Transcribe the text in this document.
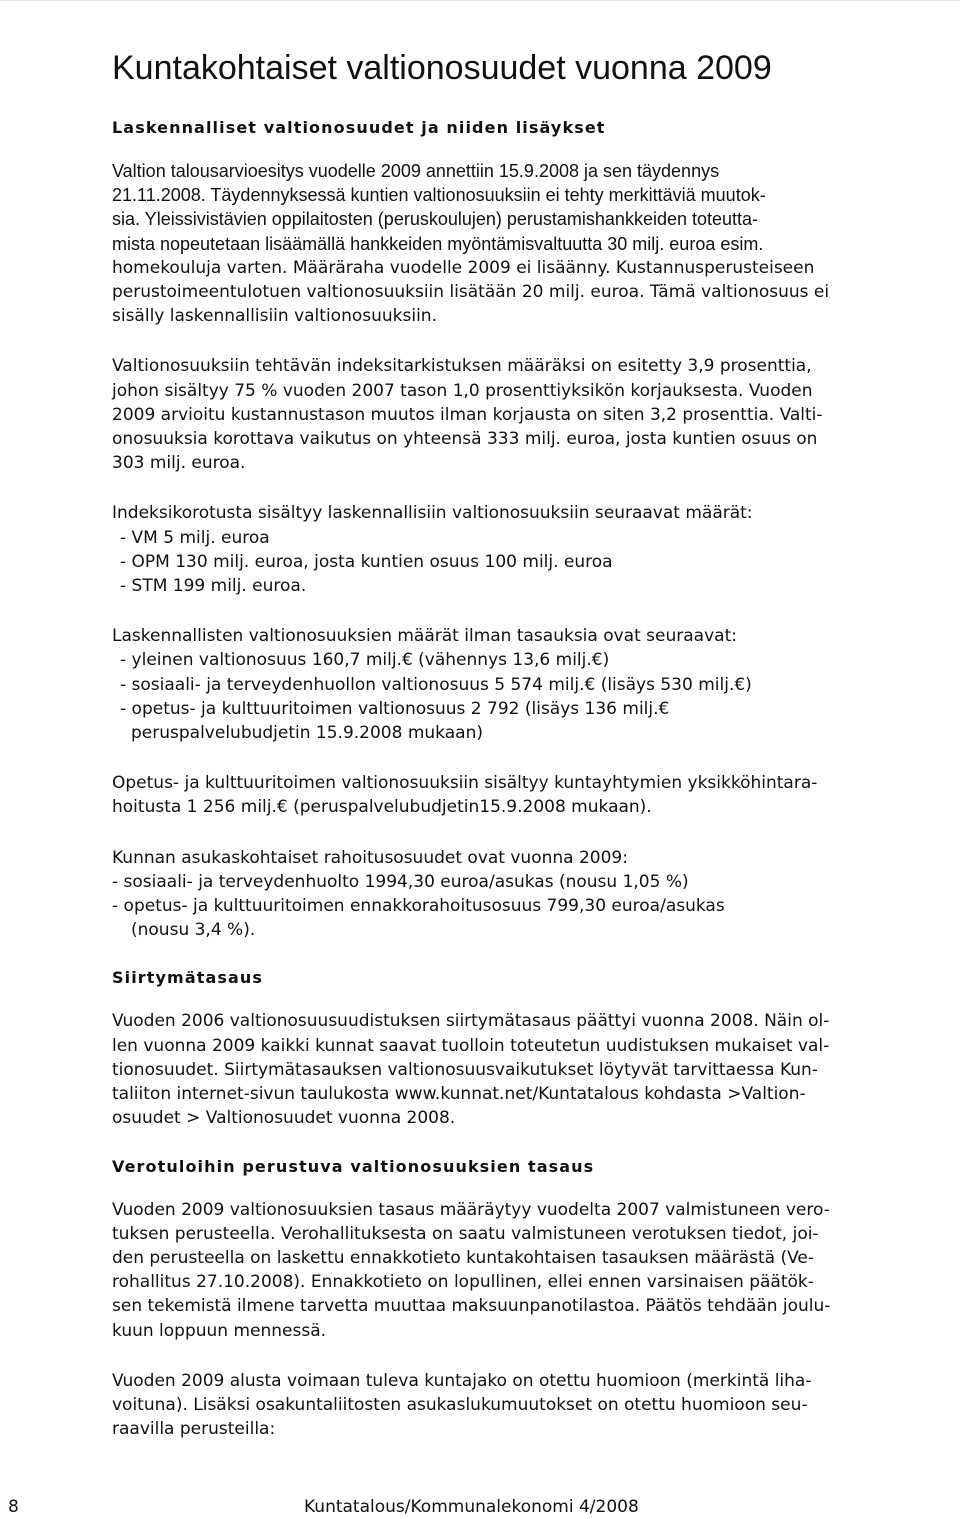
Kuntakohtaiset valtionosuudet vuonna 2009
Laskennalliset valtionosuudet ja niiden lisäykset
Valtion talousarvioesitys vuodelle 2009 annettiin 15.9.2008 ja sen täydennys
21.11.2008. Täydennyksessä kuntien valtionosuuksiin ei tehty merkittäviä muutok-
sia. Yleissivistävien oppilaitosten (peruskoulujen) perustamishankkeiden toteutta-
mista nopeutetaan lisäämällä hankkeiden myöntämisvaltuutta 30 milj. euroa esim.
homekouluja varten. Määräraha vuodelle 2009 ei lisäänny. Kustannusperusteiseen
perustoimeentulotuen valtionosuuksiin lisätään 20 milj. euroa. Tämä valtionosuus ei
sisälly laskennallisiin valtionosuuksiin.
Valtionosuuksiin tehtävän indeksitarkistuksen määräksi on esitetty 3,9 prosenttia,
johon sisältyy 75 % vuoden 2007 tason 1,0 prosenttiyksikön korjauksesta. Vuoden
2009 arvioitu kustannustason muutos ilman korjausta on siten 3,2 prosenttia. Valti-
onosuuksia korottava vaikutus on yhteensä 333 milj. euroa, josta kuntien osuus on
303 milj. euroa.
Indeksikorotusta sisältyy laskennallisiin valtionosuuksiin seuraavat määrät:
- VM 5 milj. euroa
- OPM 130 milj. euroa, josta kuntien osuus 100 milj. euroa
- STM 199 milj. euroa.
Laskennallisten valtionosuuksien määrät ilman tasauksia ovat seuraavat:
- yleinen valtionosuus 160,7 milj.€ (vähennys 13,6 milj.€)
- sosiaali- ja terveydenhuollon valtionosuus 5 574 milj.€ (lisäys 530 milj.€)
- opetus- ja kulttuuritoimen valtionosuus 2 792 (lisäys 136 milj.€
peruspalvelubudjetin 15.9.2008 mukaan)
Opetus- ja kulttuuritoimen valtionosuuksiin sisältyy kuntayhtymien yksikköhintara-
hoitusta 1 256 milj.€ (peruspalvelubudjetin15.9.2008 mukaan).
Kunnan asukaskohtaiset rahoitusosuudet ovat vuonna 2009:
- sosiaali- ja terveydenhuolto 1994,30 euroa/asukas (nousu 1,05 %)
- opetus- ja kulttuuritoimen ennakkorahoitusosuus 799,30 euroa/asukas
(nousu 3,4 %).
Siirtymätasaus
Vuoden 2006 valtionosuusuudistuksen siirtymätasaus päättyi vuonna 2008. Näin ol-
len vuonna 2009 kaikki kunnat saavat tuolloin toteutetun uudistuksen mukaiset val-
tionosuudet. Siirtymätasauksen valtionosuusvaikutukset löytyvät tarvittaessa Kun-
taliiton internet-sivun taulukosta www.kunnat.net/Kuntatalous kohdasta >Valtion-
osuudet > Valtionosuudet vuonna 2008.
Verotuloihin perustuva valtionosuuksien tasaus
Vuoden 2009 valtionosuuksien tasaus määräytyy vuodelta 2007 valmistuneen vero-
tuksen perusteella. Verohallituksesta on saatu valmistuneen verotuksen tiedot, joi-
den perusteella on laskettu ennakkotieto kuntakohtaisen tasauksen määrästä (Ve-
rohallitus 27.10.2008). Ennakkotieto on lopullinen, ellei ennen varsinaisen päätök-
sen tekemistä ilmene tarvetta muuttaa maksuunpanotilastoa. Päätös tehdään joulu-
kuun loppuun mennessä.
Vuoden 2009 alusta voimaan tuleva kuntajako on otettu huomioon (merkintä liha-
voituna). Lisäksi osakuntaliitosten asukaslukumuutokset on otettu huomioon seu-
raavilla perusteilla:
8	Kuntatalous/Kommunalekonomi 4/2008
